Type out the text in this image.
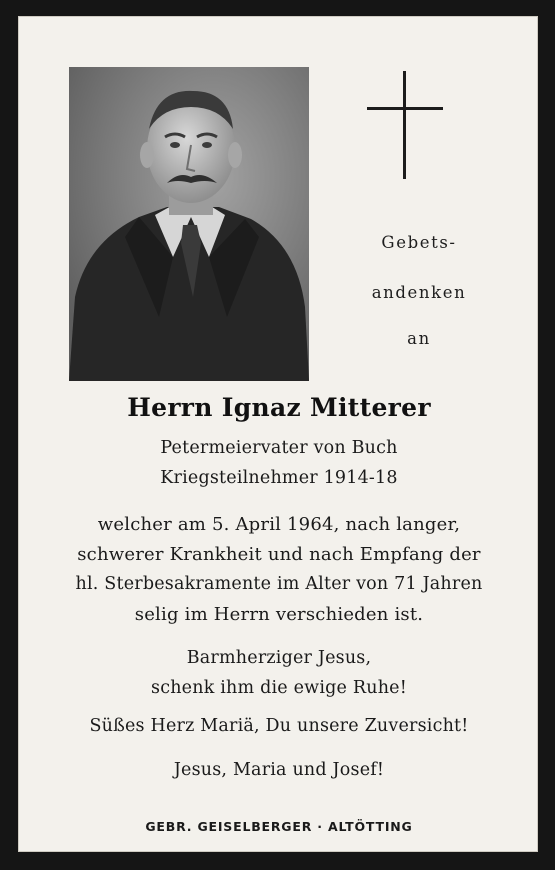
Gebets-
andenken
an
Herrn Ignaz Mitterer
Petermeiervater von Buch
Kriegsteilnehmer 1914-18
welcher am 5. April 1964, nach langer,
schwerer Krankheit und nach Empfang der
hl. Sterbesakramente im Alter von 71 Jahren
selig im Herrn verschieden ist.
Barmherziger Jesus,
schenk ihm die ewige Ruhe!
Süßes Herz Mariä, Du unsere Zuversicht!
Jesus, Maria und Josef!
GEBR. GEISELBERGER · ALTÖTTING
